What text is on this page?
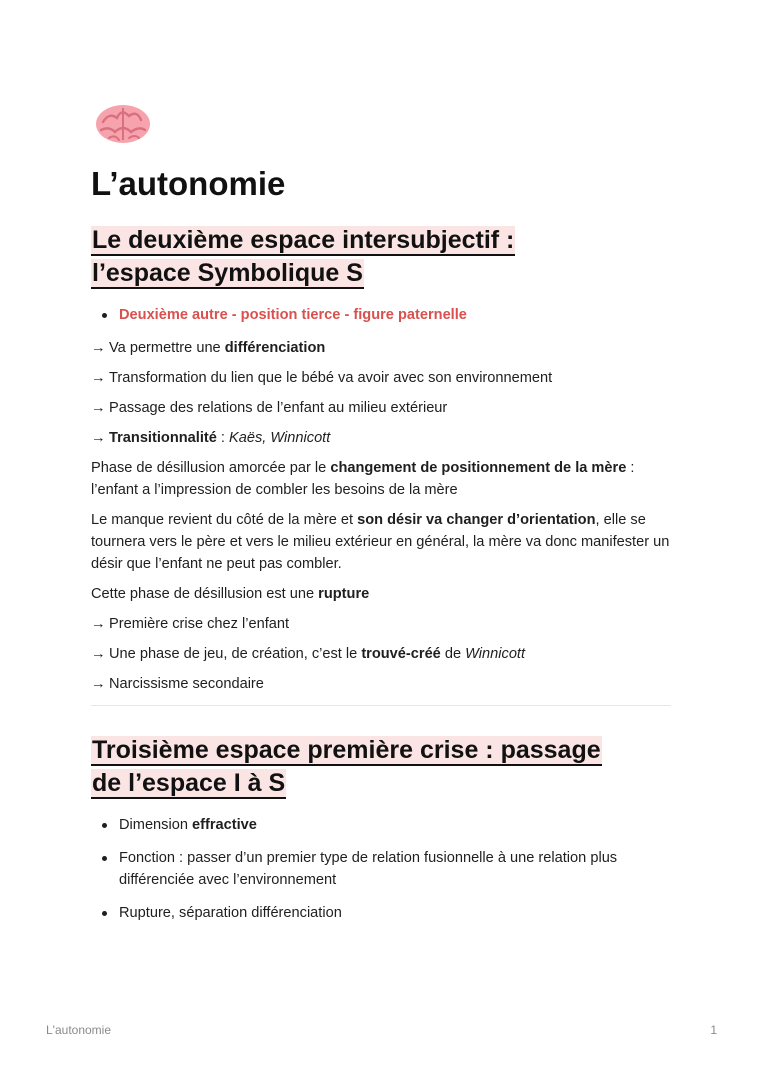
L’autonomie
Le deuxième espace intersubjectif :
l’espace Symbolique S
Deuxième autre - position tierce - figure paternelle
→ Va permettre une différenciation
→ Transformation du lien que le bébé va avoir avec son environnement
→ Passage des relations de l’enfant au milieu extérieur
→ Transitionnalité : Kaës, Winnicott

Phase de désillusion amorcée par le changement de positionnement de la mère : l’enfant a l’impression de combler les besoins de la mère

Le manque revient du côté de la mère et son désir va changer d’orientation, elle se tournera vers le père et vers le milieu extérieur en général, la mère va donc manifester un désir que l’enfant ne peut pas combler.

Cette phase de désillusion est une rupture

→ Première crise chez l’enfant
→ Une phase de jeu, de création, c’est le trouvé-créé de Winnicott
→ Narcissisme secondaire
Troisième espace première crise : passage
de l’espace I à S
Dimension effractive
Fonction : passer d’un premier type de relation fusionnelle à une relation plus différenciée avec l’environnement
Rupture, séparation différenciation
L'autonomie	1
